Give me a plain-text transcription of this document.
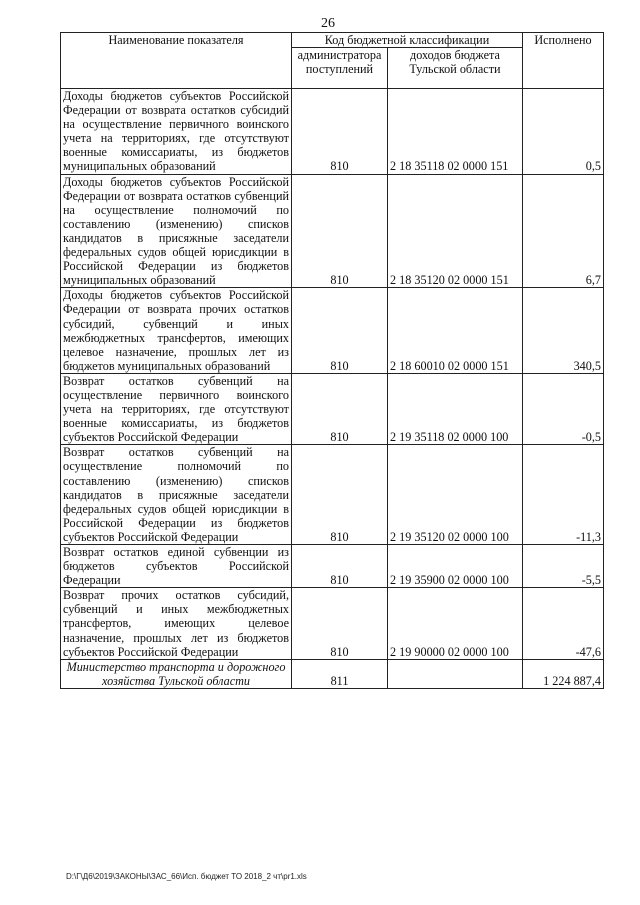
26
Наименование показателя	Код бюджетной классификации		Исполнено
	администратора поступлений	доходов бюджета Тульской области	
Доходы бюджетов субъектов Российской Федерации от возврата остатков субсидий на осуществление первичного воинского учета на территориях, где отсутствуют военные комиссариаты, из бюджетов муниципальных образований	810	2 18 35118 02 0000 151	0,5
Доходы бюджетов субъектов Российской Федерации от возврата остатков субвенций на осуществление полномочий по составлению (изменению) списков кандидатов в присяжные заседатели федеральных судов общей юрисдикции в Российской Федерации из бюджетов муниципальных образований	810	2 18 35120 02 0000 151	6,7
Доходы бюджетов субъектов Российской Федерации от возврата прочих остатков субсидий, субвенций и иных межбюджетных трансфертов, имеющих целевое назначение, прошлых лет из бюджетов муниципальных образований	810	2 18 60010 02 0000 151	340,5
Возврат остатков субвенций на осуществление первичного воинского учета на территориях, где отсутствуют военные комиссариаты, из бюджетов субъектов Российской Федерации	810	2 19 35118 02 0000 100	-0,5
Возврат остатков субвенций на осуществление полномочий по составлению (изменению) списков кандидатов в присяжные заседатели федеральных судов общей юрисдикции в Российской Федерации из бюджетов субъектов Российской Федерации	810	2 19 35120 02 0000 100	-11,3
Возврат остатков единой субвенции из бюджетов субъектов Российской Федерации	810	2 19 35900 02 0000 100	-5,5
Возврат прочих остатков субсидий, субвенций и иных межбюджетных трансфертов, имеющих целевое назначение, прошлых лет из бюджетов субъектов Российской Федерации	810	2 19 90000 02 0000 100	-47,6
Министерство транспорта и дорожного хозяйства Тульской области	811		1 224 887,4
D:\Г\Д6\2019\ЗАКОНЫ\ЗАС_66\Исп. бюджет ТО 2018_2 чт\pr1.xls
